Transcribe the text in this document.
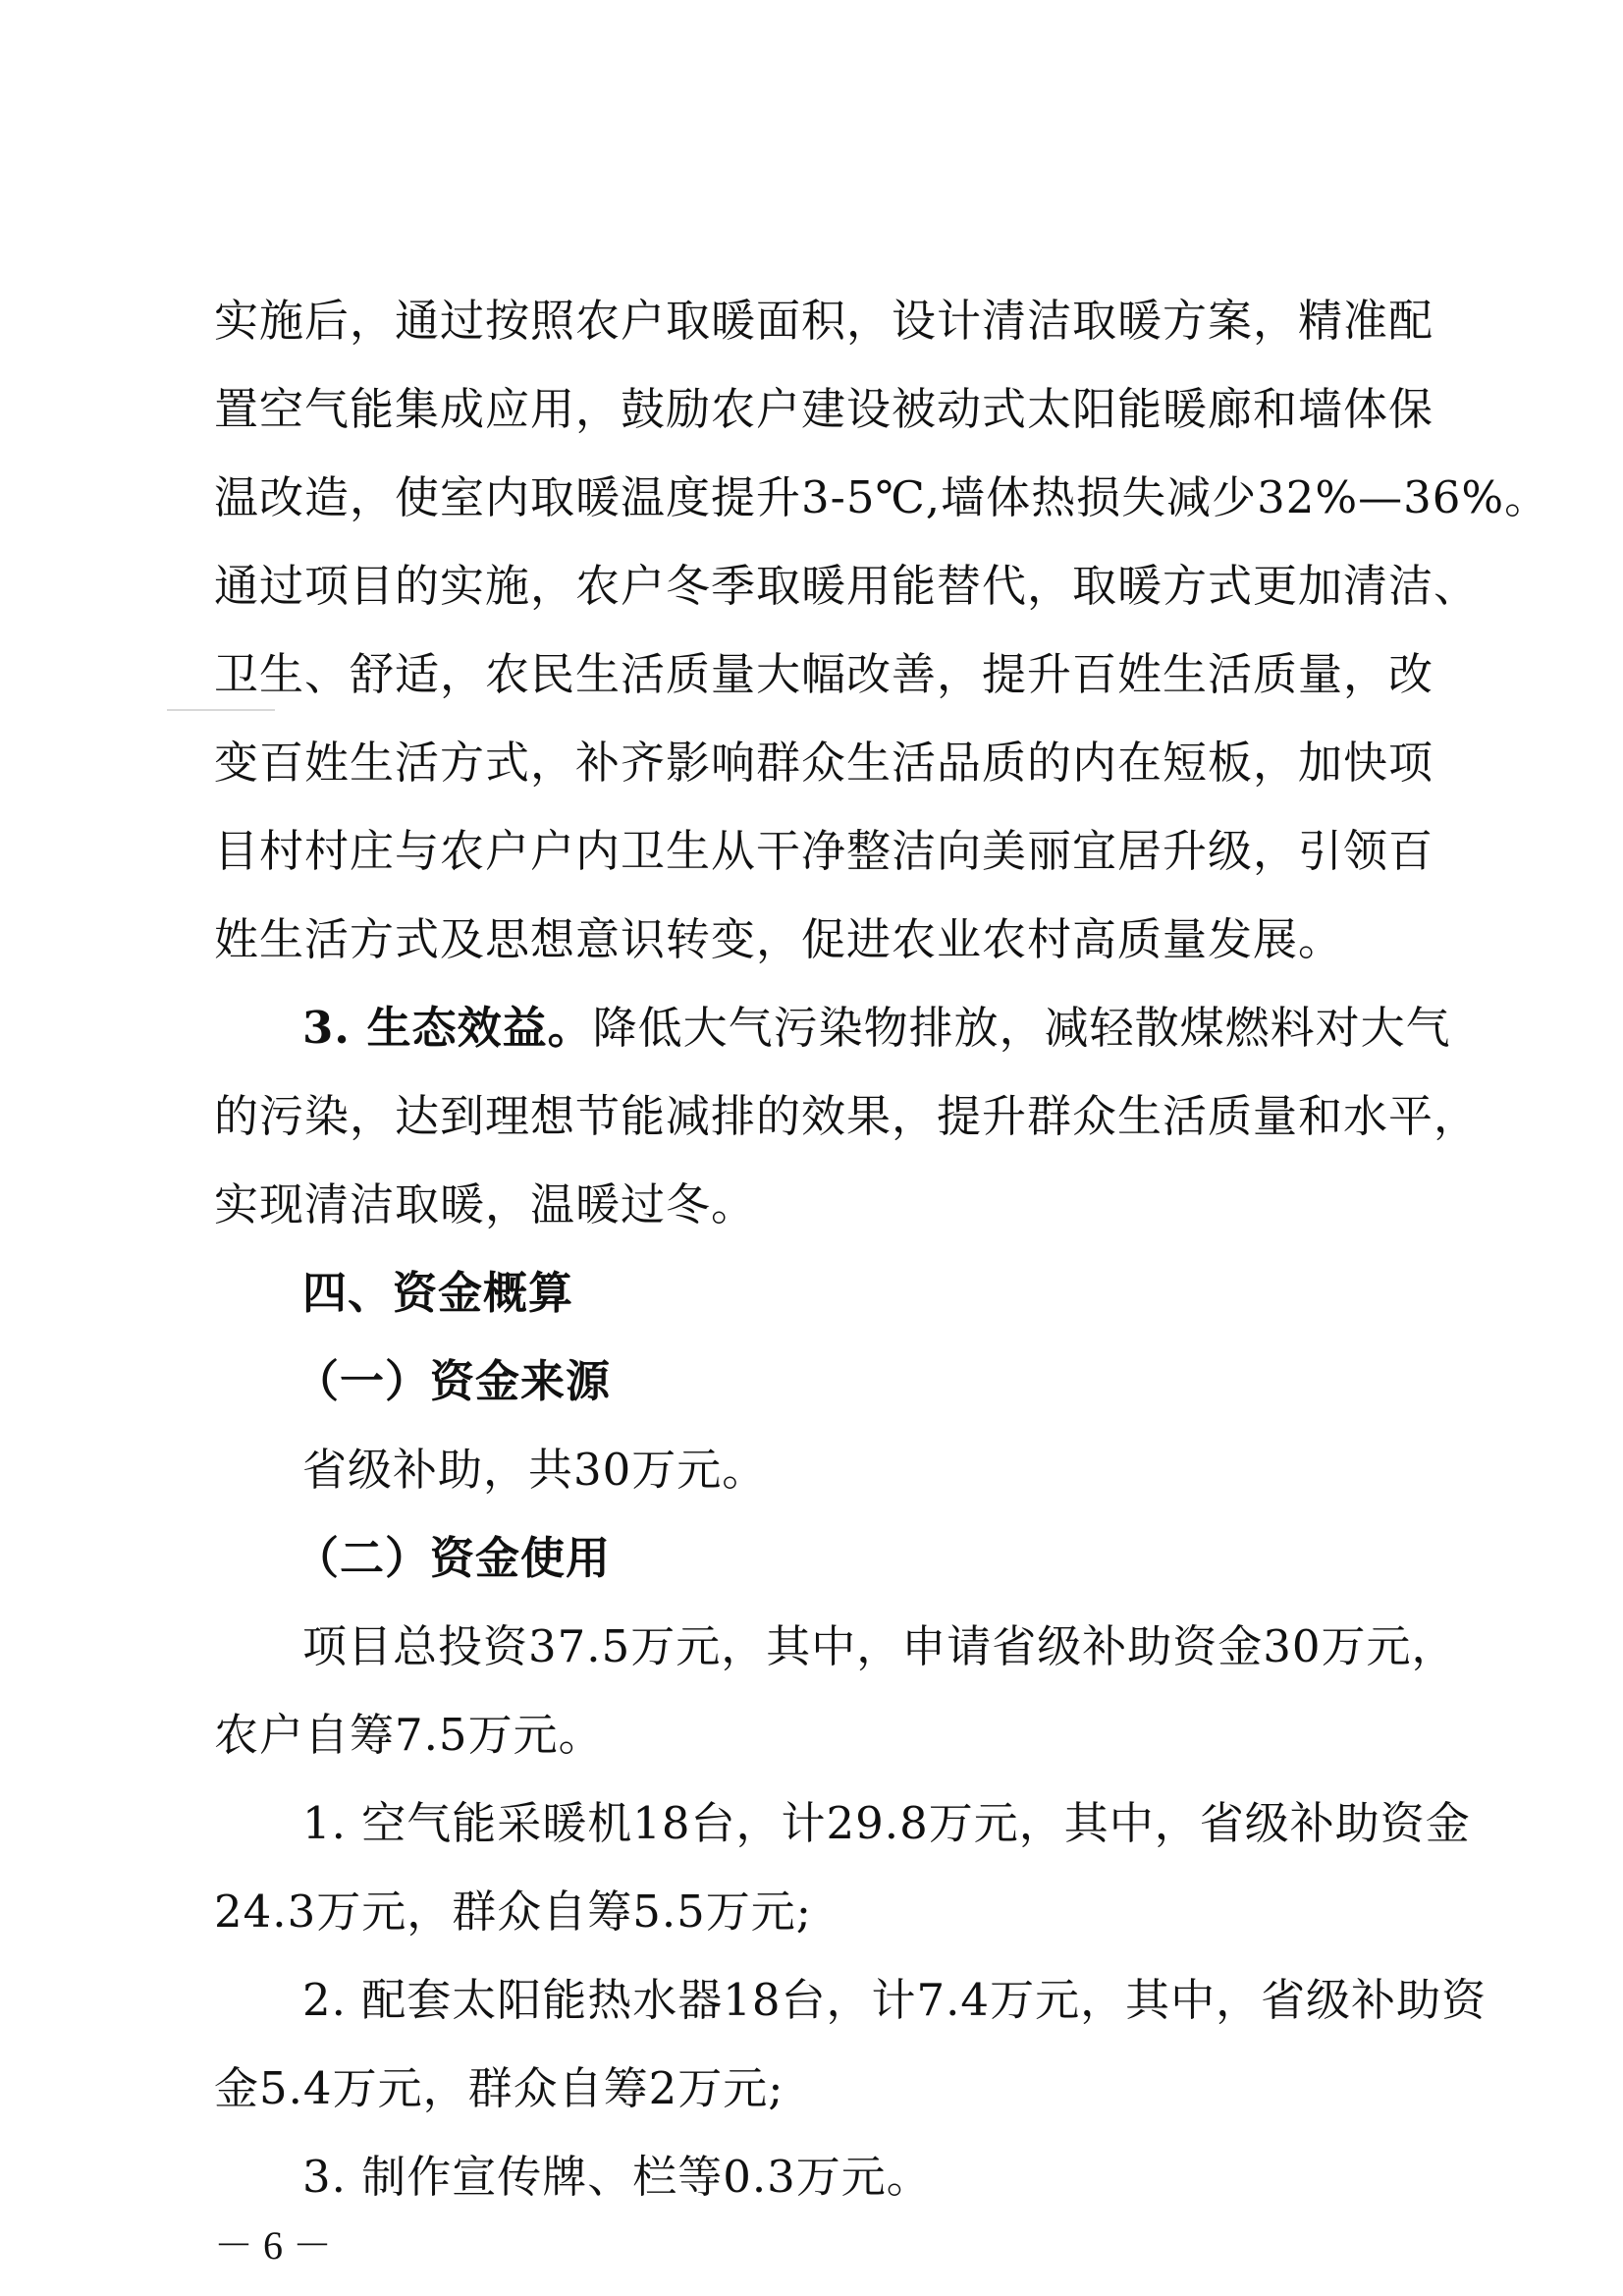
实施后，通过按照农户取暖面积，设计清洁取暖方案，精准配
置空气能集成应用，鼓励农户建设被动式太阳能暖廊和墙体保
温改造，使室内取暖温度提升3-5℃,墙体热损失减少32%—36%。
通过项目的实施，农户冬季取暖用能替代，取暖方式更加清洁、
卫生、舒适，农民生活质量大幅改善，提升百姓生活质量，改
变百姓生活方式，补齐影响群众生活品质的内在短板，加快项
目村村庄与农户户内卫生从干净整洁向美丽宜居升级，引领百
姓生活方式及思想意识转变，促进农业农村高质量发展。
3. 生态效益。降低大气污染物排放，减轻散煤燃料对大气
的污染，达到理想节能减排的效果，提升群众生活质量和水平，
实现清洁取暖，温暖过冬。
四、资金概算
（一）资金来源
省级补助，共30万元。
（二）资金使用
项目总投资37.5万元，其中，申请省级补助资金30万元，
农户自筹7.5万元。
1. 空气能采暖机18台，计29.8万元，其中，省级补助资金
24.3万元，群众自筹5.5万元;
2. 配套太阳能热水器18台，计7.4万元，其中，省级补助资
金5.4万元，群众自筹2万元;
3. 制作宣传牌、栏等0.3万元。
－ 6 －
